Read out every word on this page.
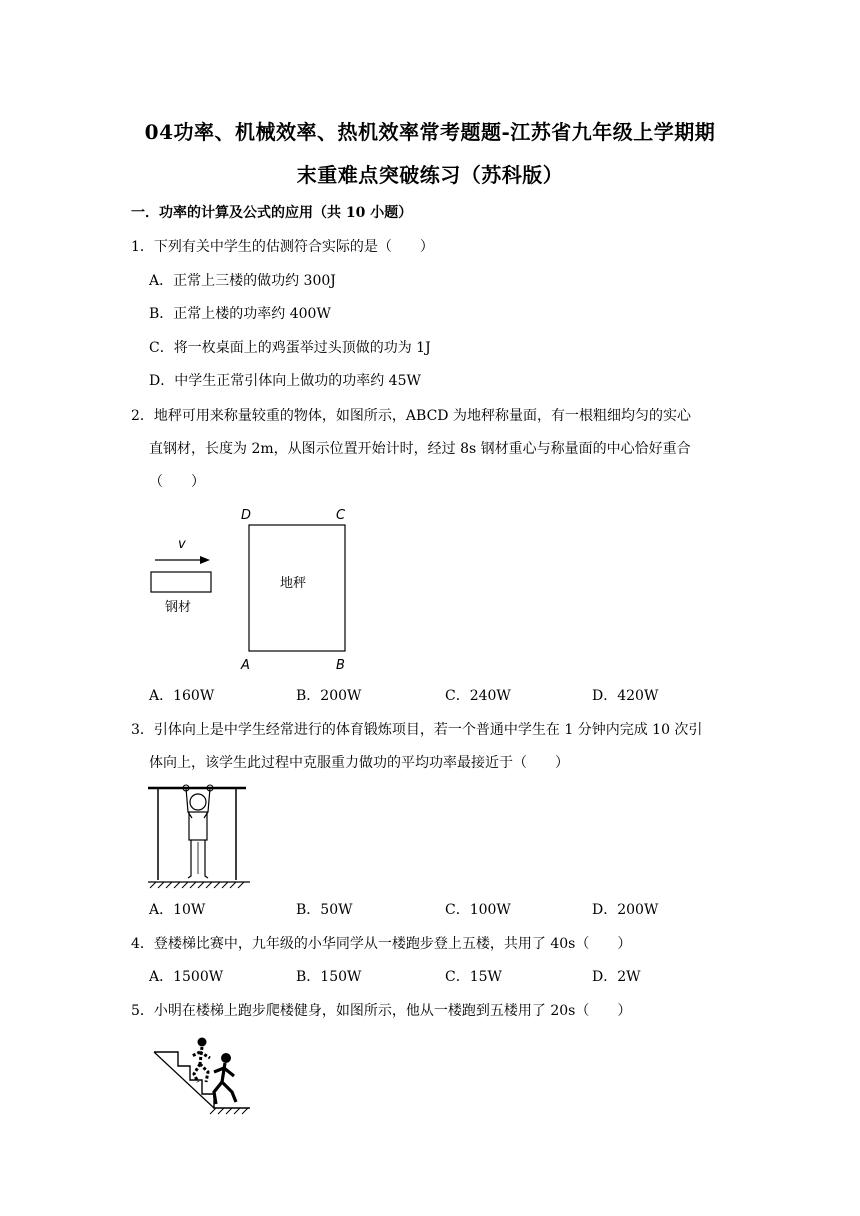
04功率、机械效率、热机效率常考题题-江苏省九年级上学期期
末重难点突破练习（苏科版）
一．功率的计算及公式的应用（共 10 小题）
1．下列有关中学生的估测符合实际的是（　　）
A．正常上三楼的做功约 300J
B．正常上楼的功率约 400W
C．将一枚桌面上的鸡蛋举过头顶做的功为 1J
D．中学生正常引体向上做功的功率约 45W
2．地秤可用来称量较重的物体，如图所示，ABCD 为地秤称量面，有一根粗细均匀的实心
直钢材，长度为 2m，从图示位置开始计时，经过 8s 钢材重心与称量面的中心恰好重合
（　　）
D	C
地秤
A	B
v
钢材
A．160W	B．200W	C．240W	D．420W
3．引体向上是中学生经常进行的体育锻炼项目，若一个普通中学生在 1 分钟内完成 10 次引
体向上，该学生此过程中克服重力做功的平均功率最接近于（　　）
A．10W	B．50W	C．100W	D．200W
4．登楼梯比赛中，九年级的小华同学从一楼跑步登上五楼，共用了 40s（　　）
A．1500W	B．150W	C．15W	D．2W
5．小明在楼梯上跑步爬楼健身，如图所示，他从一楼跑到五楼用了 20s（　　）
